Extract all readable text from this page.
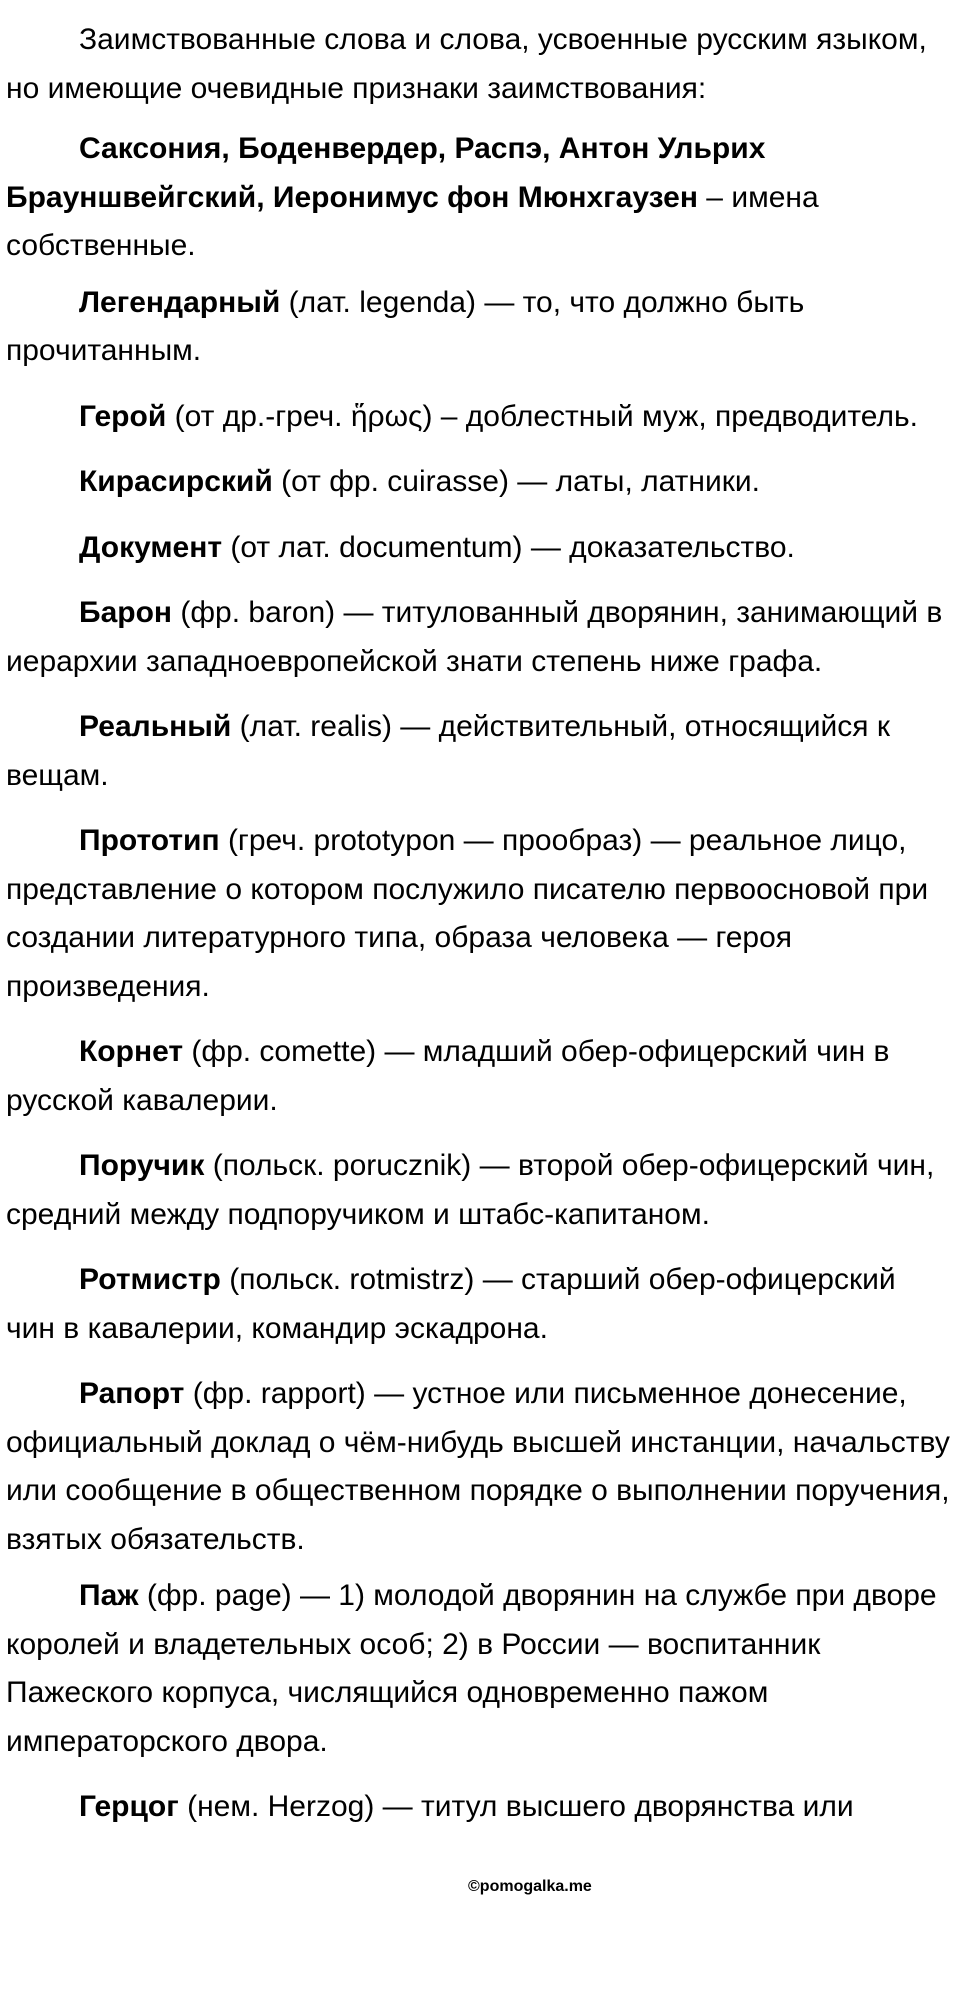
Заимствованные слова и слова, усвоенные русским языком, но имеющие очевидные признаки заимствования:

Саксония, Боденвердер, Распэ, Антон Ульрих Брауншвейгский, Иеронимус фон Мюнхгаузен – имена собственные.

Легендарный (лат. legenda) — то, что должно быть прочитанным.

Герой (от др.-греч. ἥρως) – доблестный муж, предводитель.

Кирасирский (от фр. cuirasse) — латы, латники.

Документ (от лат. documentum) — доказательство.

Барон (фр. baron) — титулованный дворянин, занимающий в иерархии западноевропейской знати степень ниже графа.

Реальный (лат. realis) — действительный, относящийся к вещам.

Прототип (греч. prototypon — прообраз) — реальное лицо, представление о котором послужило писателю первоосновой при создании литературного типа, образа человека — героя произведения.

Корнет (фр. comette) — младший обер-офицерский чин в русской кавалерии.

Поручик (польск. porucznik) — второй обер-офицерский чин, средний между подпоручиком и штабс-капитаном.

Ротмистр (польск. rotmistrz) — старший обер-офицерский чин в кавалерии, командир эскадрона.

Рапорт (фр. rapport) — устное или письменное донесение, официальный доклад о чём-нибудь высшей инстанции, начальству или сообщение в общественном порядке о выполнении поручения, взятых обязательств.

Паж (фр. page) — 1) молодой дворянин на службе при дворе королей и владетельных особ; 2) в России — воспитанник Пажеского корпуса, числящийся одновременно пажом императорского двора.

Герцог (нем. Herzog) — титул высшего дворянства или

©pomogalka.me
